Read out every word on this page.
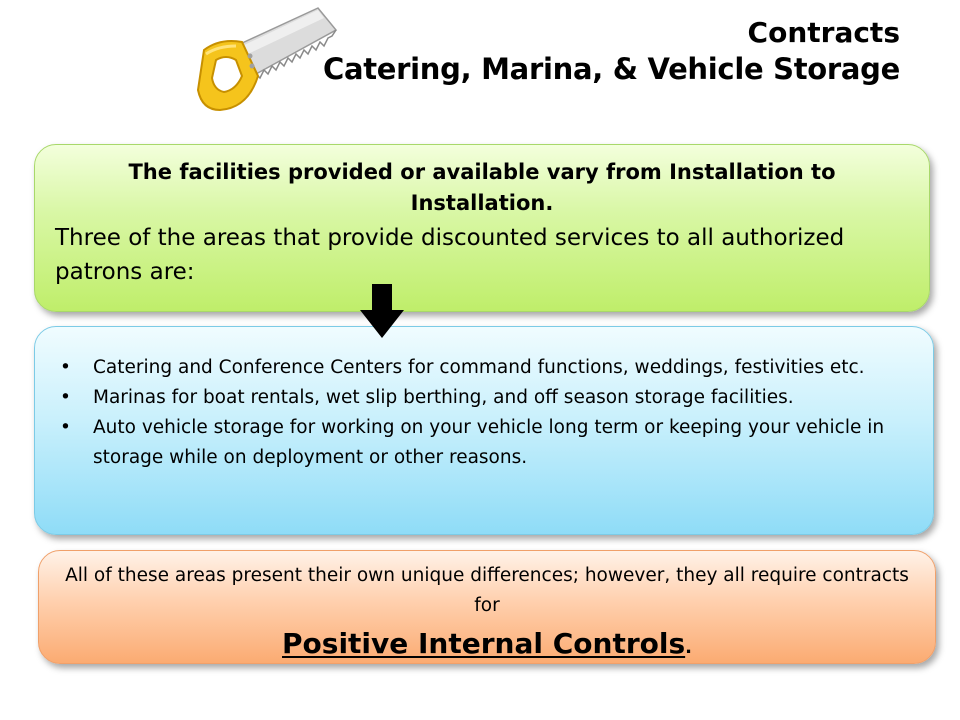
Contracts
Catering, Marina, & Vehicle Storage
The facilities provided or available vary from Installation to Installation.
Three of the areas that provide discounted services to all authorized patrons are:
• Catering and Conference Centers for command functions, weddings, festivities etc.
• Marinas for boat rentals, wet slip berthing, and off season storage facilities.
• Auto vehicle storage for working on your vehicle long term or keeping your vehicle in storage while on deployment or other reasons.
All of these areas present their own unique differences; however, they all require contracts for
Positive Internal Controls.
